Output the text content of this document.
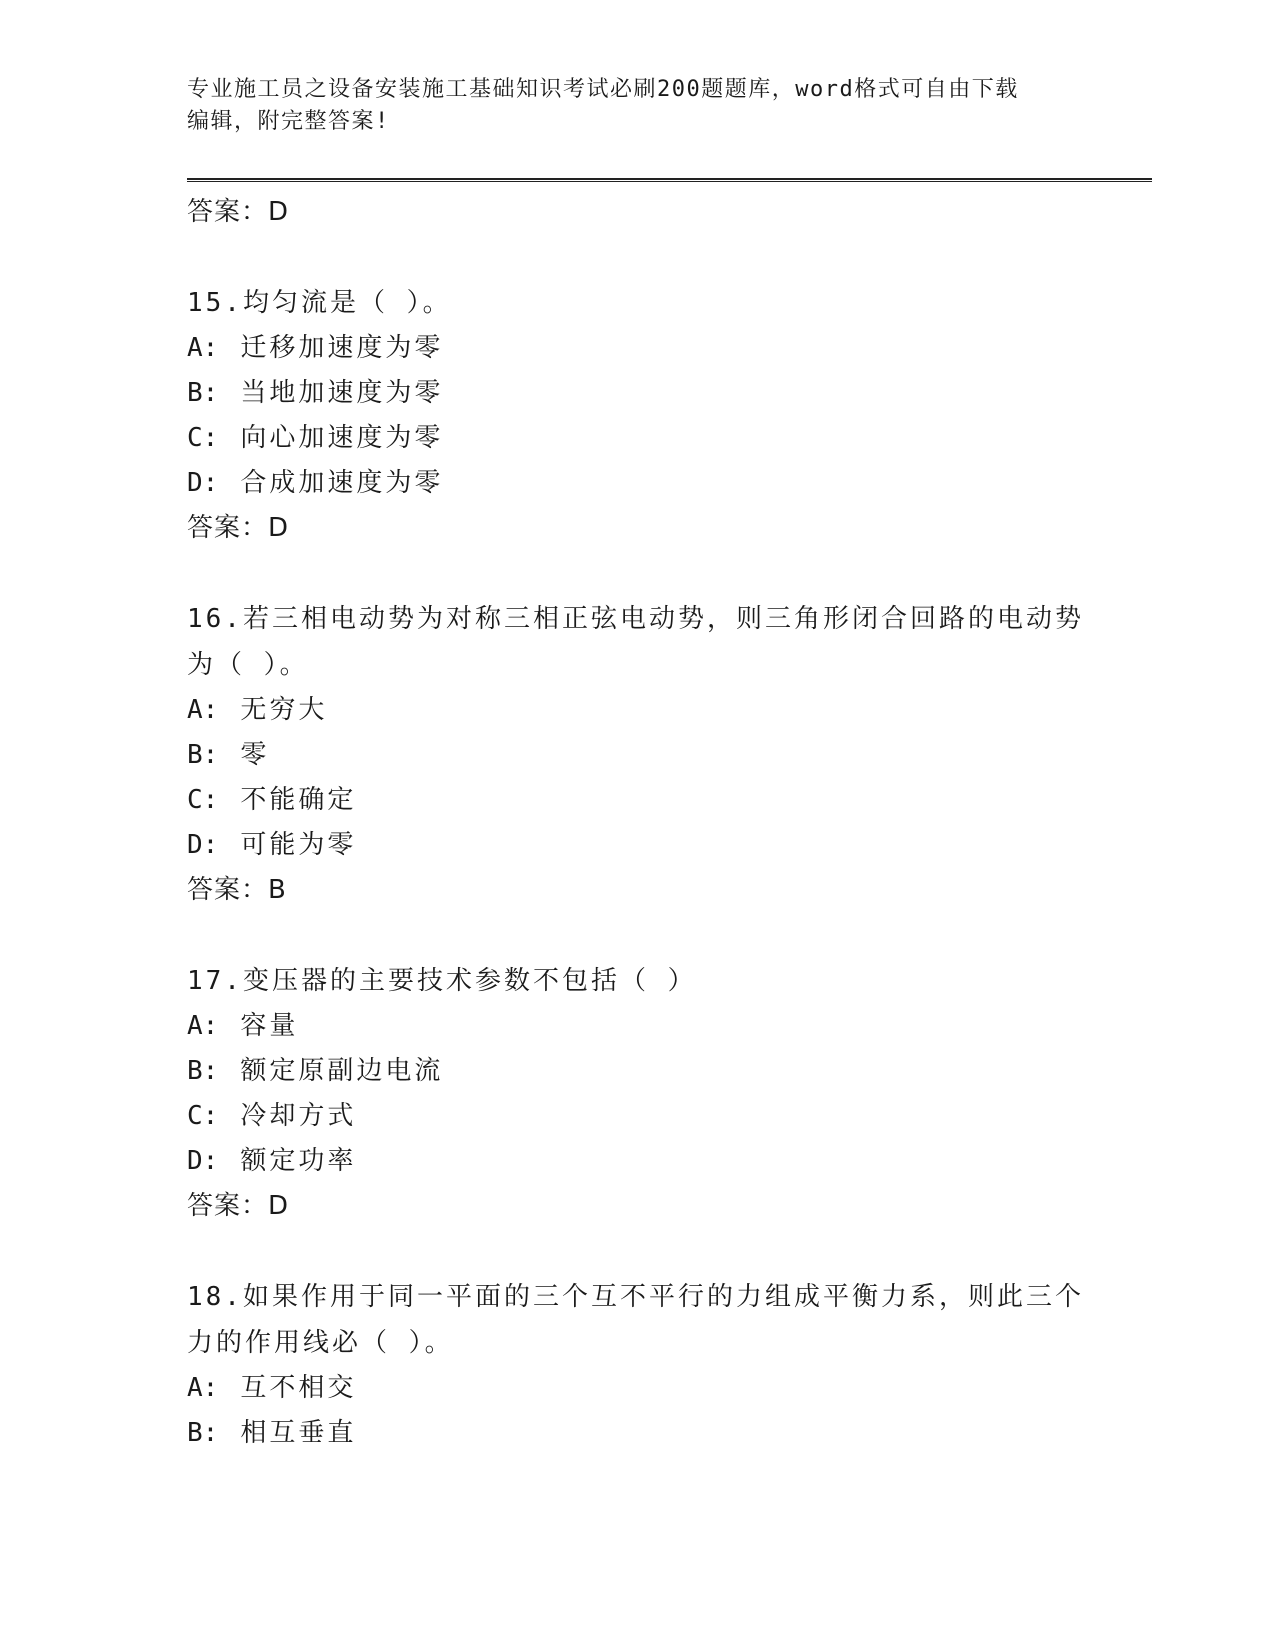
专业施工员之设备安装施工基础知识考试必刷200题题库，word格式可自由下载
编辑，附完整答案!

答案：D

15.均匀流是（ ）。

A: 迁移加速度为零

B: 当地加速度为零

C: 向心加速度为零

D: 合成加速度为零

答案：D

16.若三相电动势为对称三相正弦电动势，则三角形闭合回路的电动势

为（ ）。

A: 无穷大

B: 零

C: 不能确定

D: 可能为零

答案：B

17.变压器的主要技术参数不包括（ ）

A: 容量

B: 额定原副边电流

C: 冷却方式

D: 额定功率

答案：D

18.如果作用于同一平面的三个互不平行的力组成平衡力系，则此三个

力的作用线必（ ）。

A: 互不相交

B: 相互垂直
